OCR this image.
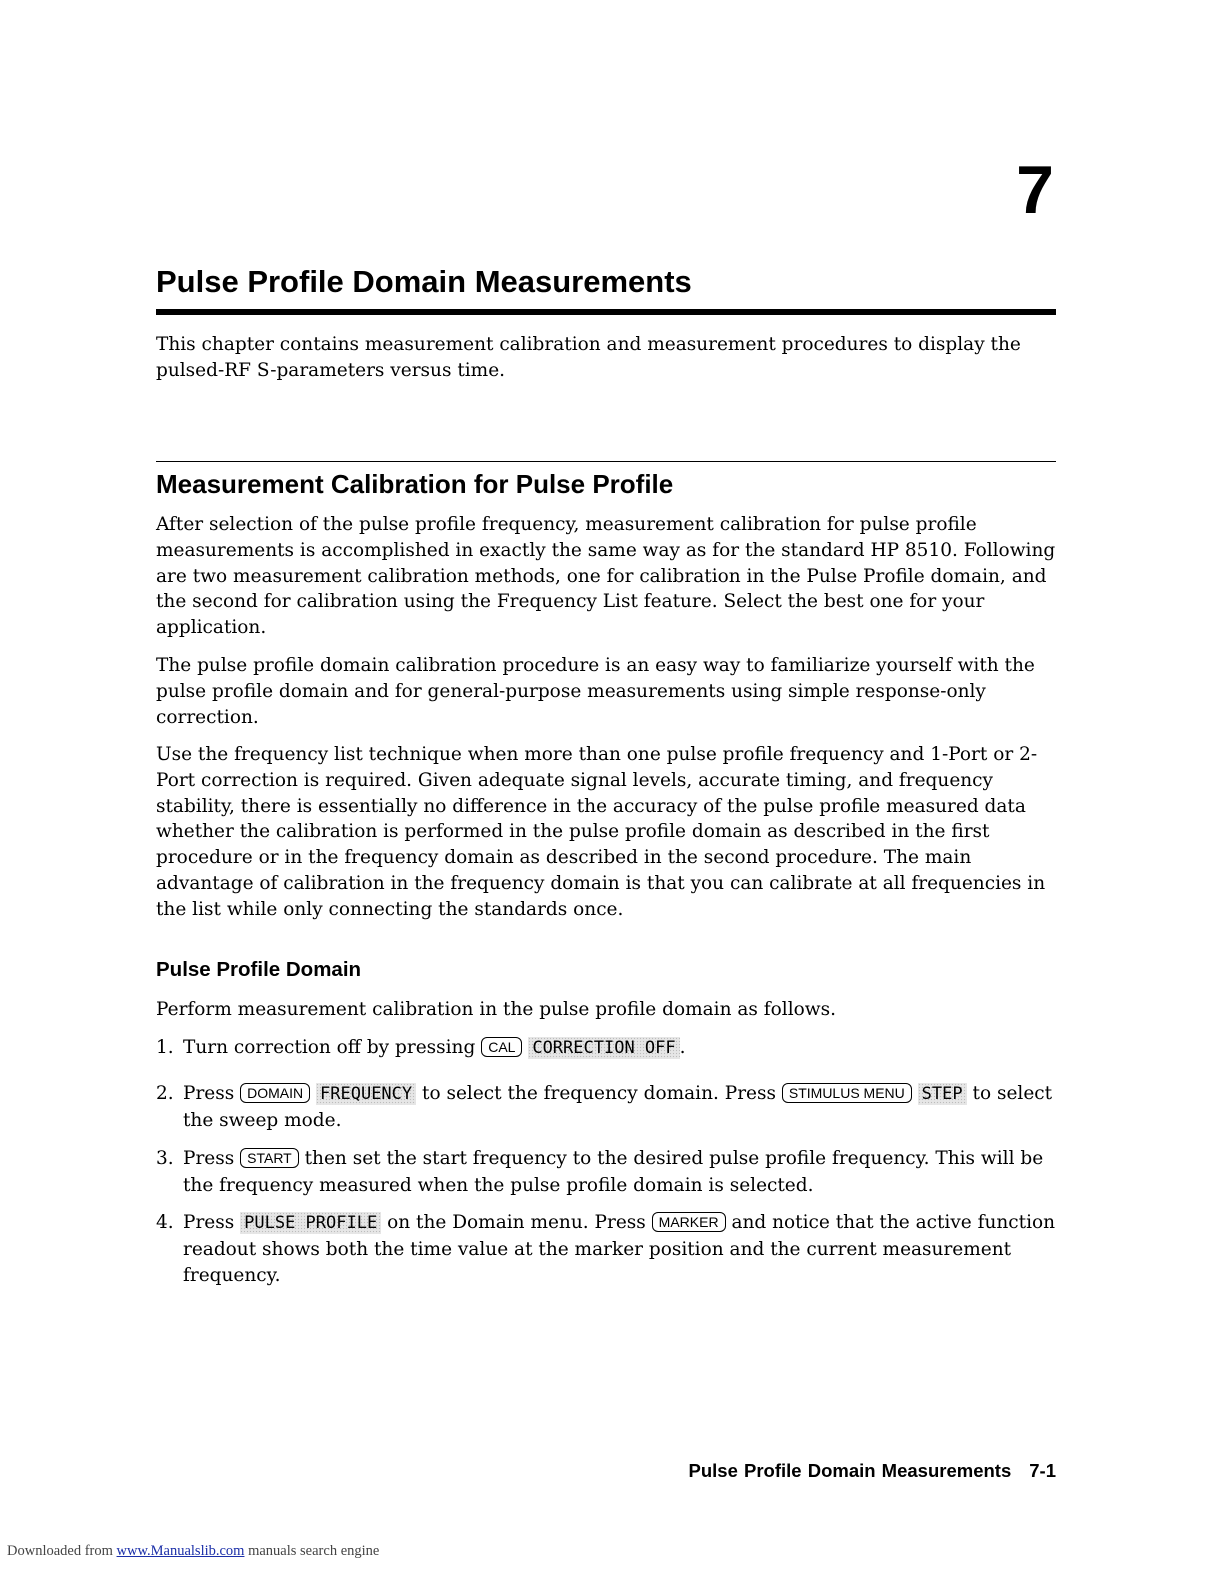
7
Pulse Profile Domain Measurements

This chapter contains measurement calibration and measurement procedures to display the pulsed-RF S-parameters versus time.

Measurement Calibration for Pulse Profile

After selection of the pulse profile frequency, measurement calibration for pulse profile measurements is accomplished in exactly the same way as for the standard HP 8510. Following are two measurement calibration methods, one for calibration in the Pulse Profile domain, and the second for calibration using the Frequency List feature. Select the best one for your application.

The pulse profile domain calibration procedure is an easy way to familiarize yourself with the pulse profile domain and for general-purpose measurements using simple response-only correction.

Use the frequency list technique when more than one pulse profile frequency and 1-Port or 2-Port correction is required. Given adequate signal levels, accurate timing, and frequency stability, there is essentially no difference in the accuracy of the pulse profile measured data whether the calibration is performed in the pulse profile domain as described in the first procedure or in the frequency domain as described in the second procedure. The main advantage of calibration in the frequency domain is that you can calibrate at all frequencies in the list while only connecting the standards once.

Pulse Profile Domain

Perform measurement calibration in the pulse profile domain as follows.

1. Turn correction off by pressing CAL CORRECTION OFF .
2. Press DOMAIN FREQUENCY to select the frequency domain. Press STIMULUS MENU STEP to select the sweep mode.
3. Press START then set the start frequency to the desired pulse profile frequency. This will be the frequency measured when the pulse profile domain is selected.
4. Press PULSE PROFILE on the Domain menu. Press MARKER and notice that the active function readout shows both the time value at the marker position and the current measurement frequency.
Pulse Profile Domain Measurements 7-1
Downloaded from www.Manualslib.com manuals search engine
